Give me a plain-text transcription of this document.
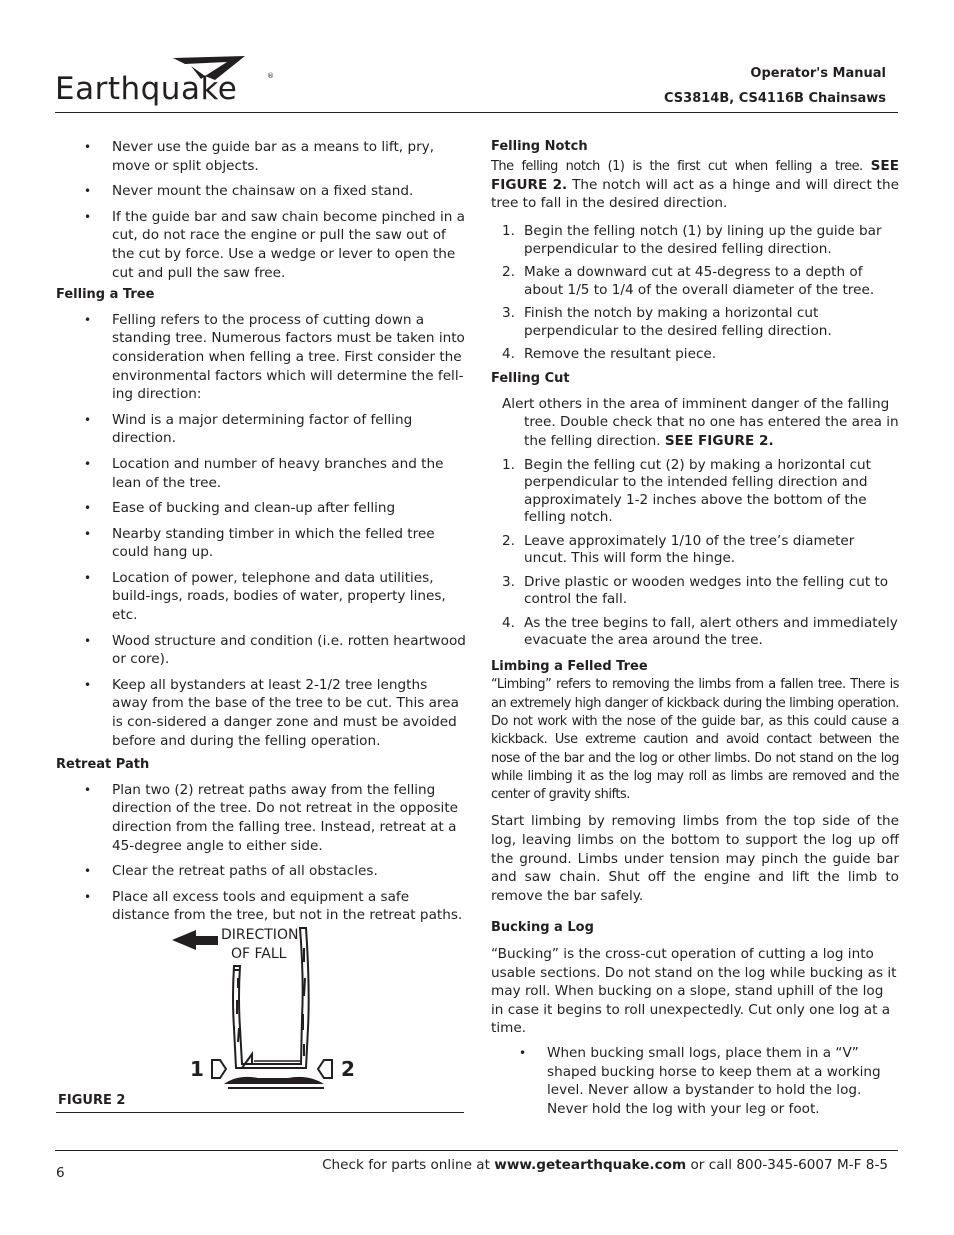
Earthquake	®	Operator's Manual
CS3814B, CS4116B Chainsaws
• Never use the guide bar as a means to lift, pry, move or split objects.
• Never mount the chainsaw on a fixed stand.
• If the guide bar and saw chain become pinched in a cut, do not race the engine or pull the saw out of the cut by force. Use a wedge or lever to open the cut and pull the saw free.

Felling a Tree

• Felling refers to the process of cutting down a standing tree. Numerous factors must be taken into consideration when felling a tree. First consider the environmental factors which will determine the fell-ing direction:
• Wind is a major determining factor of felling direction.
• Location and number of heavy branches and the lean of the tree.
• Ease of bucking and clean-up after felling
• Nearby standing timber in which the felled tree could hang up.
• Location of power, telephone and data utilities, build-ings, roads, bodies of water, property lines, etc.
• Wood structure and condition (i.e. rotten heartwood or core).
• Keep all bystanders at least 2-1/2 tree lengths away from the base of the tree to be cut. This area is con-sidered a danger zone and must be avoided before and during the felling operation.

Retreat Path

• Plan two (2) retreat paths away from the felling direction of the tree. Do not retreat in the opposite direction from the falling tree. Instead, retreat at a 45-degree angle to either side.
• Clear the retreat paths of all obstacles.
• Place all excess tools and equipment a safe distance from the tree, but not in the retreat paths.
DIRECTION
OF FALL
1	2
FIGURE 2

Felling Notch

The felling notch (1) is the first cut when felling a tree. SEE FIGURE 2. The notch will act as a hinge and will direct the tree to fall in the desired direction.

1. Begin the felling notch (1) by lining up the guide bar perpendicular to the desired felling direction.
2. Make a downward cut at 45-degress to a depth of about 1/5 to 1/4 of the overall diameter of the tree.
3. Finish the notch by making a horizontal cut perpendicular to the desired felling direction.
4. Remove the resultant piece.

Felling Cut

Alert others in the area of imminent danger of the falling tree. Double check that no one has entered the area in the felling direction. SEE FIGURE 2.

1. Begin the felling cut (2) by making a horizontal cut perpendicular to the intended felling direction and approximately 1-2 inches above the bottom of the felling notch.
2. Leave approximately 1/10 of the tree’s diameter uncut. This will form the hinge.
3. Drive plastic or wooden wedges into the felling cut to control the fall.
4. As the tree begins to fall, alert others and immediately evacuate the area around the tree.

Limbing a Felled Tree

“Limbing” refers to removing the limbs from a fallen tree. There is an extremely high danger of kickback during the limbing operation. Do not work with the nose of the guide bar, as this could cause a kickback. Use extreme caution and avoid contact between the nose of the bar and the log or other limbs. Do not stand on the log while limbing it as the log may roll as limbs are removed and the center of gravity shifts.

Start limbing by removing limbs from the top side of the log, leaving limbs on the bottom to support the log up off the ground. Limbs under tension may pinch the guide bar and saw chain. Shut off the engine and lift the limb to remove the bar safely.

Bucking a Log

“Bucking” is the cross-cut operation of cutting a log into usable sections. Do not stand on the log while bucking as it may roll. When bucking on a slope, stand uphill of the log in case it begins to roll unexpectedly. Cut only one log at a time.

• When bucking small logs, place them in a “V” shaped bucking horse to keep them at a working level. Never allow a bystander to hold the log. Never hold the log with your leg or foot.
6	Check for parts online at www.getearthquake.com or call 800-345-6007 M-F 8-5
